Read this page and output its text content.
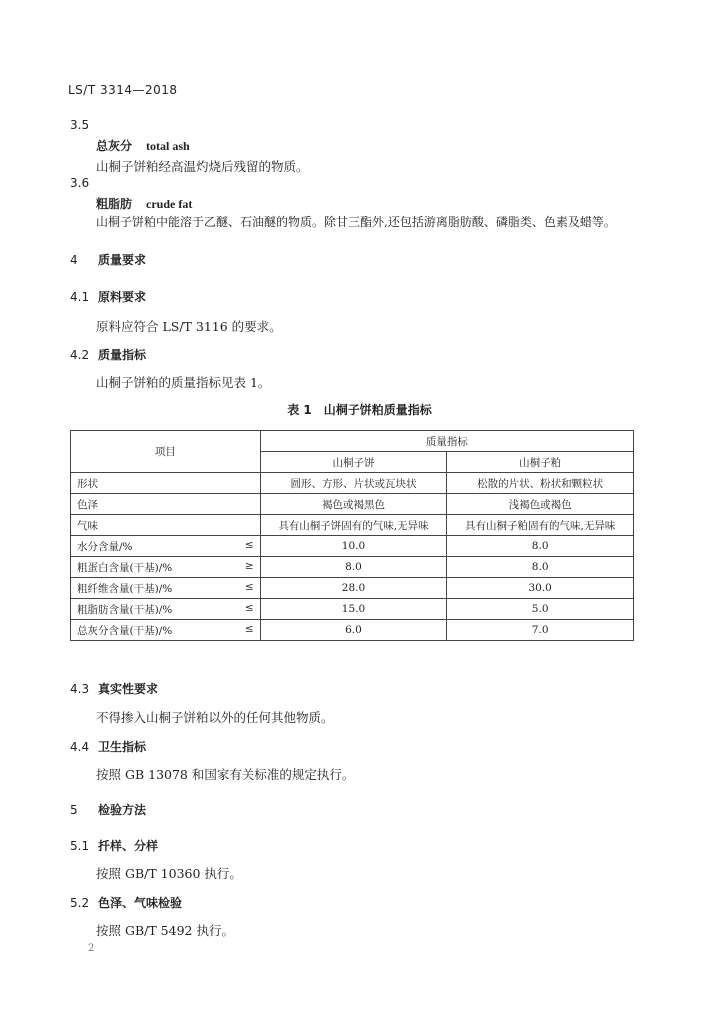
LS/T 3314—2018
3.5
总灰分 total ash
山桐子饼粕经高温灼烧后残留的物质。
3.6
粗脂肪 crude fat
山桐子饼粕中能溶于乙醚、石油醚的物质。除甘三酯外,还包括游离脂肪酸、磷脂类、色素及蜡等。
4 质量要求
4.1 原料要求
原料应符合 LS/T 3116 的要求。
4.2 质量指标
山桐子饼粕的质量指标见表 1。
表 1　山桐子饼粕质量指标
项目	质量指标	
	山桐子饼	山桐子粕
形状	圆形、方形、片状或瓦块状	松散的片状、粉状和颗粒状
色泽	褐色或褐黑色	浅褐色或褐色
气味	具有山桐子饼固有的气味,无异味	具有山桐子粕固有的气味,无异味
水分含量/% ≤	10.0	8.0
粗蛋白含量(干基)/% ≥	8.0	8.0
粗纤维含量(干基)/% ≤	28.0	30.0
粗脂肪含量(干基)/% ≤	15.0	5.0
总灰分含量(干基)/% ≤	6.0	7.0
4.3 真实性要求
不得掺入山桐子饼粕以外的任何其他物质。
4.4 卫生指标
按照 GB 13078 和国家有关标准的规定执行。
5 检验方法
5.1 扦样、分样
按照 GB/T 10360 执行。
5.2 色泽、气味检验
按照 GB/T 5492 执行。
2
